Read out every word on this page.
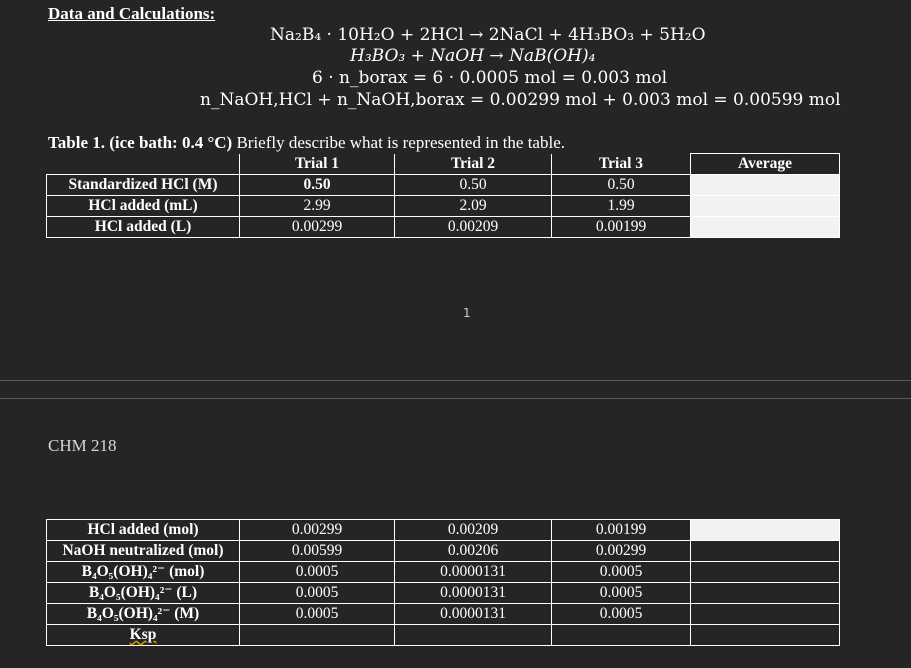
Data and Calculations:
Na₂B₄ · 10H₂O + 2HCl → 2NaCl + 4H₃BO₃ + 5H₂O
H₃BO₃ + NaOH → NaB(OH)₄
6 · n_borax = 6 · 0.0005 mol = 0.003 mol
n_NaOH,HCl + n_NaOH,borax = 0.00299 mol + 0.003 mol = 0.00599 mol
Table 1. (ice bath: 0.4 °C) Briefly describe what is represented in the table.
	Trial 1	Trial 2	Trial 3	Average
Standardized HCl (M)	0.50	0.50	0.50	
HCl added (mL)	2.99	2.09	1.99	
HCl added (L)	0.00299	0.00209	0.00199	
1
CHM 218
HCl added (mol)	0.00299	0.00209	0.00199	
NaOH neutralized (mol)	0.00599	0.00206	0.00299	
B₄O₅(OH)₄²⁻ (mol)	0.0005	0.0000131	0.0005	
B₄O₅(OH)₄²⁻ (L)	0.0005	0.0000131	0.0005	
B₄O₅(OH)₄²⁻ (M)	0.0005	0.0000131	0.0005	
Ksp				
